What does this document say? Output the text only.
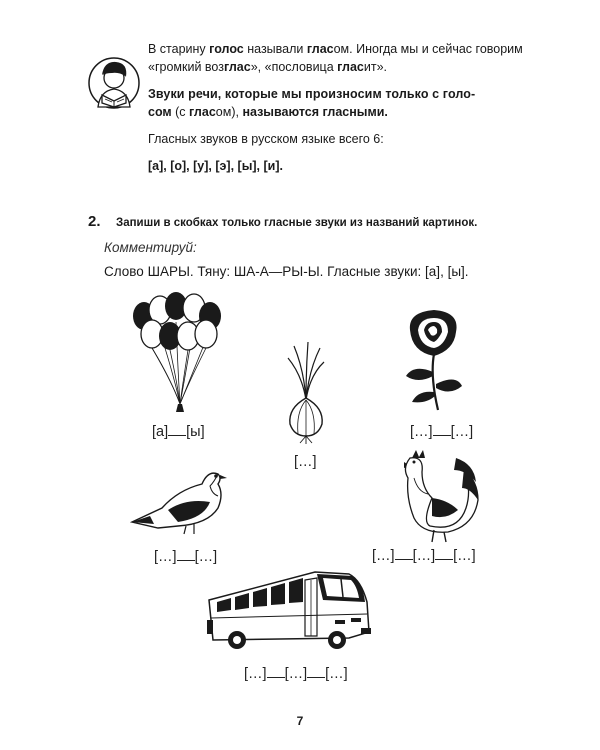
В старину голос называли гласом. Иногда мы и сейчас говорим

«громкий возглас», «пословица гласит».

Звуки речи, которые мы произносим только с голо-

сом (с гласом), называются гласными.

Гласных звуков в русском языке всего 6:

[а], [о], [у], [э], [ы], [и].

2. Запиши в скобках только гласные звуки из названий картинок.
Комментируй:
Слово ШАРЫ. Тяну: ША-А—РЫ-Ы. Гласные звуки: [а], [ы].
[а] [ы]
[…]
[…] […]
[…] […]	[…] […] […]
[…] […] […]
7
